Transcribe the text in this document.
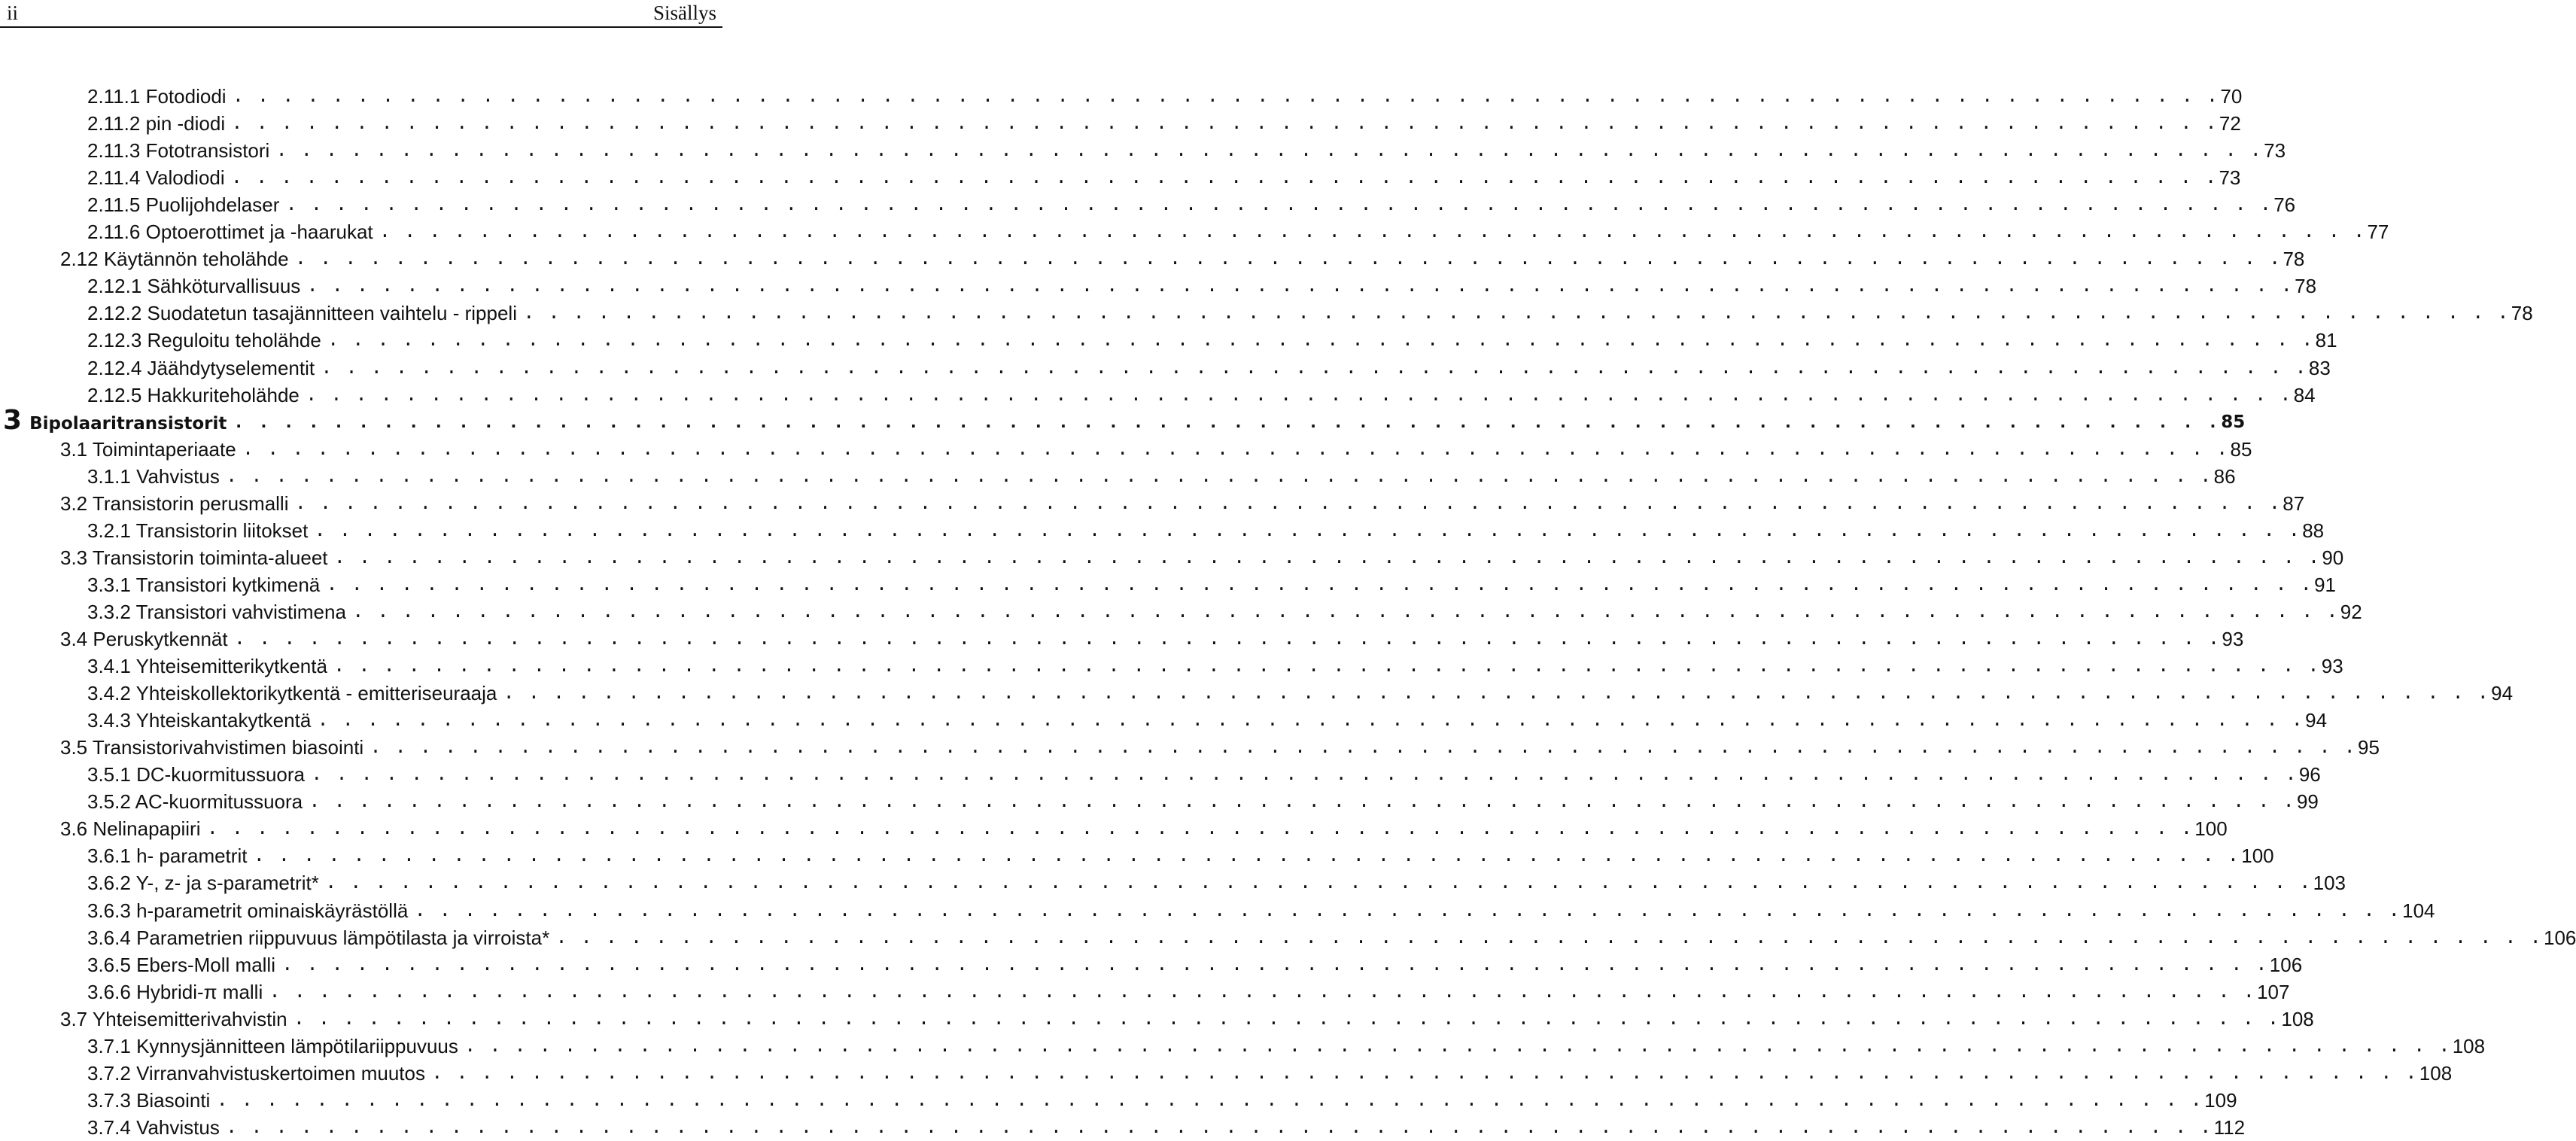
ii	Sisällys
2.11.1 Fotodiodi . . . . . . . . . . . . . . . . . . . . . . . . . . . . . . . . . . . . . . . . . . . . . . . . . . . . . . . . . . . . . . . . . . . . . . . . . . . . . . . . 70
2.11.2 pin -diodi . . . . . . . . . . . . . . . . . . . . . . . . . . . . . . . . . . . . . . . . . . . . . . . . . . . . . . . . . . . . . . . . . . . . . . . . . . . . . . . . 72
2.11.3 Fototransistori . . . . . . . . . . . . . . . . . . . . . . . . . . . . . . . . . . . . . . . . . . . . . . . . . . . . . . . . . . . . . . . . . . . . . . . . . . . . . . . . 73
2.11.4 Valodiodi . . . . . . . . . . . . . . . . . . . . . . . . . . . . . . . . . . . . . . . . . . . . . . . . . . . . . . . . . . . . . . . . . . . . . . . . . . . . . . . . 73
2.11.5 Puolijohdelaser . . . . . . . . . . . . . . . . . . . . . . . . . . . . . . . . . . . . . . . . . . . . . . . . . . . . . . . . . . . . . . . . . . . . . . . . . . . . . . . . 76
2.11.6 Optoerottimet ja -haarukat . . . . . . . . . . . . . . . . . . . . . . . . . . . . . . . . . . . . . . . . . . . . . . . . . . . . . . . . . . . . . . . . . . . . . . . . . . . . . . . . 77
2.12 Käytännön teholähde . . . . . . . . . . . . . . . . . . . . . . . . . . . . . . . . . . . . . . . . . . . . . . . . . . . . . . . . . . . . . . . . . . . . . . . . . . . . . . . . 78
2.12.1 Sähköturvallisuus . . . . . . . . . . . . . . . . . . . . . . . . . . . . . . . . . . . . . . . . . . . . . . . . . . . . . . . . . . . . . . . . . . . . . . . . . . . . . . . . 78
2.12.2 Suodatetun tasajännitteen vaihtelu - rippeli . . . . . . . . . . . . . . . . . . . . . . . . . . . . . . . . . . . . . . . . . . . . . . . . . . . . . . . . . . . . . . . . . . . . . . . . . . . . . . . . 78
2.12.3 Reguloitu teholähde . . . . . . . . . . . . . . . . . . . . . . . . . . . . . . . . . . . . . . . . . . . . . . . . . . . . . . . . . . . . . . . . . . . . . . . . . . . . . . . . 81
2.12.4 Jäähdytyselementit . . . . . . . . . . . . . . . . . . . . . . . . . . . . . . . . . . . . . . . . . . . . . . . . . . . . . . . . . . . . . . . . . . . . . . . . . . . . . . . . 83
2.12.5 Hakkuriteholähde . . . . . . . . . . . . . . . . . . . . . . . . . . . . . . . . . . . . . . . . . . . . . . . . . . . . . . . . . . . . . . . . . . . . . . . . . . . . . . . . 84
3 Bipolaaritransistorit . . . . . . . . . . . . . . . . . . . . . . . . . . . . . . . . . . . . . . . . . . . . . . . . . . . . . . . . . . . . . . . . . . . . . . . . . . . . . . . . 85
3.1 Toimintaperiaate . . . . . . . . . . . . . . . . . . . . . . . . . . . . . . . . . . . . . . . . . . . . . . . . . . . . . . . . . . . . . . . . . . . . . . . . . . . . . . . . 85
3.1.1 Vahvistus . . . . . . . . . . . . . . . . . . . . . . . . . . . . . . . . . . . . . . . . . . . . . . . . . . . . . . . . . . . . . . . . . . . . . . . . . . . . . . . . 86
3.2 Transistorin perusmalli . . . . . . . . . . . . . . . . . . . . . . . . . . . . . . . . . . . . . . . . . . . . . . . . . . . . . . . . . . . . . . . . . . . . . . . . . . . . . . . . 87
3.2.1 Transistorin liitokset . . . . . . . . . . . . . . . . . . . . . . . . . . . . . . . . . . . . . . . . . . . . . . . . . . . . . . . . . . . . . . . . . . . . . . . . . . . . . . . . 88
3.3 Transistorin toiminta-alueet . . . . . . . . . . . . . . . . . . . . . . . . . . . . . . . . . . . . . . . . . . . . . . . . . . . . . . . . . . . . . . . . . . . . . . . . . . . . . . . . 90
3.3.1 Transistori kytkimenä . . . . . . . . . . . . . . . . . . . . . . . . . . . . . . . . . . . . . . . . . . . . . . . . . . . . . . . . . . . . . . . . . . . . . . . . . . . . . . . . 91
3.3.2 Transistori vahvistimena . . . . . . . . . . . . . . . . . . . . . . . . . . . . . . . . . . . . . . . . . . . . . . . . . . . . . . . . . . . . . . . . . . . . . . . . . . . . . . . . 92
3.4 Peruskytkennät . . . . . . . . . . . . . . . . . . . . . . . . . . . . . . . . . . . . . . . . . . . . . . . . . . . . . . . . . . . . . . . . . . . . . . . . . . . . . . . . 93
3.4.1 Yhteisemitterikytkentä . . . . . . . . . . . . . . . . . . . . . . . . . . . . . . . . . . . . . . . . . . . . . . . . . . . . . . . . . . . . . . . . . . . . . . . . . . . . . . . . 93
3.4.2 Yhteiskollektorikytkentä - emitteriseuraaja . . . . . . . . . . . . . . . . . . . . . . . . . . . . . . . . . . . . . . . . . . . . . . . . . . . . . . . . . . . . . . . . . . . . . . . . . . . . . . . . 94
3.4.3 Yhteiskantakytkentä . . . . . . . . . . . . . . . . . . . . . . . . . . . . . . . . . . . . . . . . . . . . . . . . . . . . . . . . . . . . . . . . . . . . . . . . . . . . . . . . 94
3.5 Transistorivahvistimen biasointi . . . . . . . . . . . . . . . . . . . . . . . . . . . . . . . . . . . . . . . . . . . . . . . . . . . . . . . . . . . . . . . . . . . . . . . . . . . . . . . . 95
3.5.1 DC-kuormitussuora . . . . . . . . . . . . . . . . . . . . . . . . . . . . . . . . . . . . . . . . . . . . . . . . . . . . . . . . . . . . . . . . . . . . . . . . . . . . . . . . 96
3.5.2 AC-kuormitussuora . . . . . . . . . . . . . . . . . . . . . . . . . . . . . . . . . . . . . . . . . . . . . . . . . . . . . . . . . . . . . . . . . . . . . . . . . . . . . . . . 99
3.6 Nelinapapiiri . . . . . . . . . . . . . . . . . . . . . . . . . . . . . . . . . . . . . . . . . . . . . . . . . . . . . . . . . . . . . . . . . . . . . . . . . . . . . . . . 100
3.6.1 h- parametrit . . . . . . . . . . . . . . . . . . . . . . . . . . . . . . . . . . . . . . . . . . . . . . . . . . . . . . . . . . . . . . . . . . . . . . . . . . . . . . . . 100
3.6.2 Y-, z- ja s-parametrit* . . . . . . . . . . . . . . . . . . . . . . . . . . . . . . . . . . . . . . . . . . . . . . . . . . . . . . . . . . . . . . . . . . . . . . . . . . . . . . . . 103
3.6.3 h-parametrit ominaiskäyrästöllä . . . . . . . . . . . . . . . . . . . . . . . . . . . . . . . . . . . . . . . . . . . . . . . . . . . . . . . . . . . . . . . . . . . . . . . . . . . . . . . . 104
3.6.4 Parametrien riippuvuus lämpötilasta ja virroista* . . . . . . . . . . . . . . . . . . . . . . . . . . . . . . . . . . . . . . . . . . . . . . . . . . . . . . . . . . . . . . . . . . . . . . . . . . . . . . . . 106
3.6.5 Ebers-Moll malli . . . . . . . . . . . . . . . . . . . . . . . . . . . . . . . . . . . . . . . . . . . . . . . . . . . . . . . . . . . . . . . . . . . . . . . . . . . . . . . . 106
3.6.6 Hybridi-π malli . . . . . . . . . . . . . . . . . . . . . . . . . . . . . . . . . . . . . . . . . . . . . . . . . . . . . . . . . . . . . . . . . . . . . . . . . . . . . . . . 107
3.7 Yhteisemitterivahvistin . . . . . . . . . . . . . . . . . . . . . . . . . . . . . . . . . . . . . . . . . . . . . . . . . . . . . . . . . . . . . . . . . . . . . . . . . . . . . . . . 108
3.7.1 Kynnysjännitteen lämpötilariippuvuus . . . . . . . . . . . . . . . . . . . . . . . . . . . . . . . . . . . . . . . . . . . . . . . . . . . . . . . . . . . . . . . . . . . . . . . . . . . . . . . . 108
3.7.2 Virranvahvistuskertoimen muutos . . . . . . . . . . . . . . . . . . . . . . . . . . . . . . . . . . . . . . . . . . . . . . . . . . . . . . . . . . . . . . . . . . . . . . . . . . . . . . . . 108
3.7.3 Biasointi . . . . . . . . . . . . . . . . . . . . . . . . . . . . . . . . . . . . . . . . . . . . . . . . . . . . . . . . . . . . . . . . . . . . . . . . . . . . . . . . 109
3.7.4 Vahvistus . . . . . . . . . . . . . . . . . . . . . . . . . . . . . . . . . . . . . . . . . . . . . . . . . . . . . . . . . . . . . . . . . . . . . . . . . . . . . . . . 112
